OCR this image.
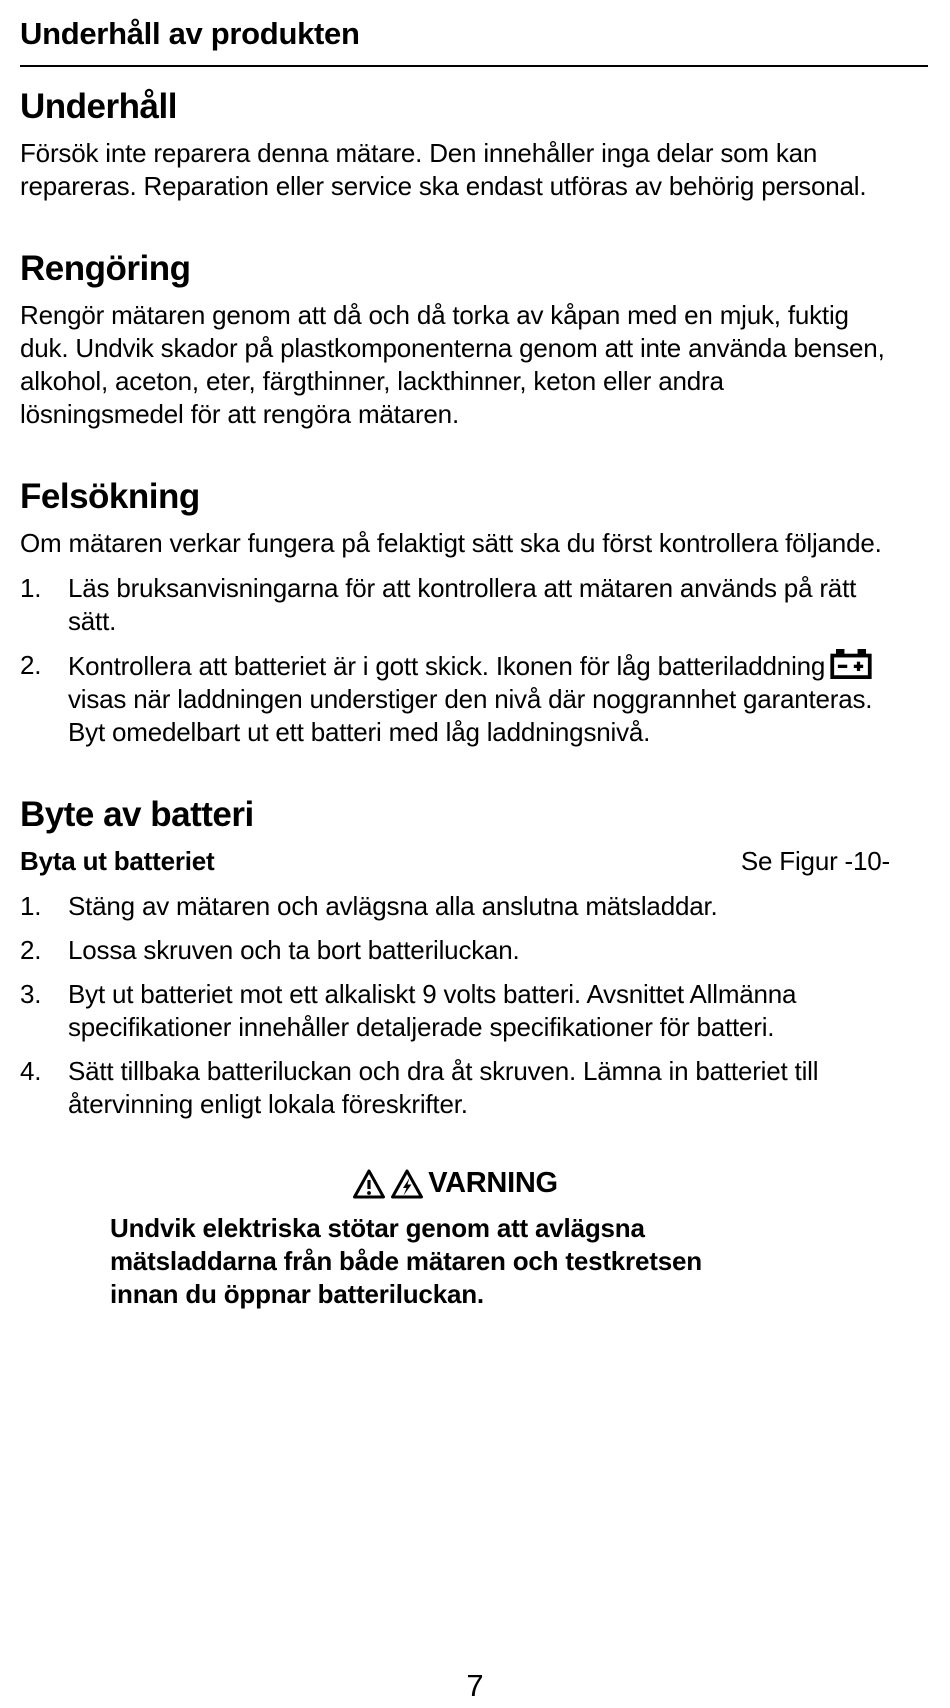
Underhåll av produkten
Underhåll

Försök inte reparera denna mätare. Den innehåller inga delar som kan repareras. Reparation eller service ska endast utföras av behörig personal.

Rengöring

Rengör mätaren genom att då och då torka av kåpan med en mjuk, fuktig duk. Undvik skador på plastkomponenterna genom att inte använda bensen, alkohol, aceton, eter, färgthinner, lackthinner, keton eller andra lösningsmedel för att rengöra mätaren.

Felsökning

Om mätaren verkar fungera på felaktigt sätt ska du först kontrollera följande.

1.	Läs bruksanvisningarna för att kontrollera att mätaren används på rätt sätt.
2.	Kontrollera att batteriet är i gott skick. Ikonen för låg batteriladdningvisas när laddningen understiger den nivå där noggrannhet garanteras. Byt omedelbart ut ett batteri med låg laddningsnivå.
Byte av batteri
Byta ut batteriet	Se Figur -10-
1.	Stäng av mätaren och avlägsna alla anslutna mätsladdar.
2.	Lossa skruven och ta bort batteriluckan.
3.	Byt ut batteriet mot ett alkaliskt 9 volts batteri. Avsnittet Allmänna specifikationer innehåller detaljerade specifikationer för batteri.
4.	Sätt tillbaka batteriluckan och dra åt skruven. Lämna in batteriet till återvinning enligt lokala föreskrifter.
VARNING

Undvik elektriska stötar genom att avlägsna mätsladdarna från både mätaren och testkretsen innan du öppnar batteriluckan.

7
